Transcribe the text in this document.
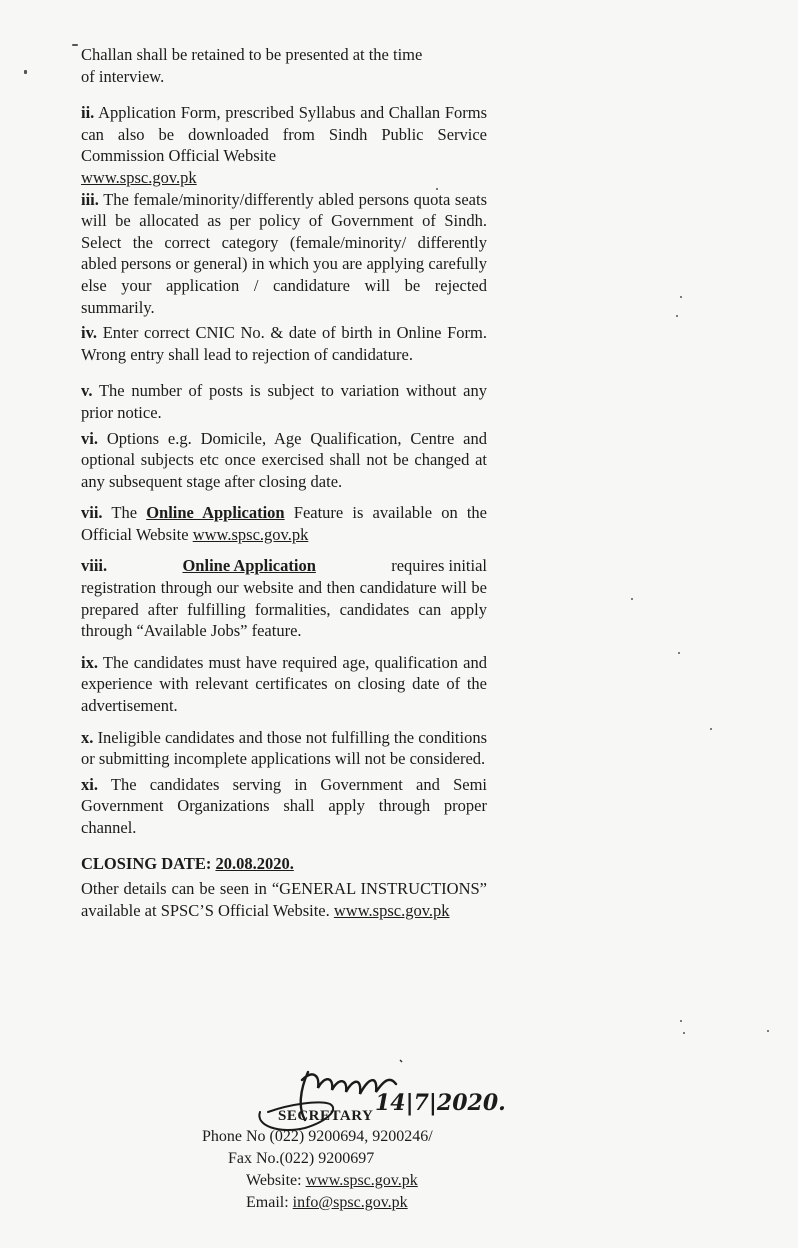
Challan shall be retained to be presented at the time
of interview.

ii. Application Form, prescribed Syllabus and Challan Forms can also be downloaded from Sindh Public Service Commission Official Website
www.spsc.gov.pk

iii. The female/minority/differently abled persons quota seats will be allocated as per policy of Government of Sindh. Select the correct category (female/minority/ differently abled persons or general) in which you are applying carefully else your application / candidature will be rejected summarily.

iv. Enter correct CNIC No. & date of birth in Online Form. Wrong entry shall lead to rejection of candidature.

v. The number of posts is subject to variation without any prior notice.

vi. Options e.g. Domicile, Age Qualification, Centre and optional subjects etc once exercised shall not be changed at any subsequent stage after closing date.

vii. The Online Application Feature is available on the Official Website www.spsc.gov.pk

viii.	Online Application	requires initial

registration through our website and then candidature will be prepared after fulfilling formalities, candidates can apply through “Available Jobs” feature.

ix. The candidates must have required age, qualification and experience with relevant certificates on closing date of the advertisement.

x. Ineligible candidates and those not fulfilling the conditions or submitting incomplete applications will not be considered.

xi. The candidates serving in Government and Semi Government Organizations shall apply through proper channel.

CLOSING DATE: 20.08.2020.

Other details can be seen in “GENERAL INSTRUCTIONS” available at SPSC’S Official Website. www.spsc.gov.pk

14|7|2020.
SECRETARY
Phone No (022) 9200694, 9200246/
Fax No.(022) 9200697
Website: www.spsc.gov.pk
Email: info@spsc.gov.pk
